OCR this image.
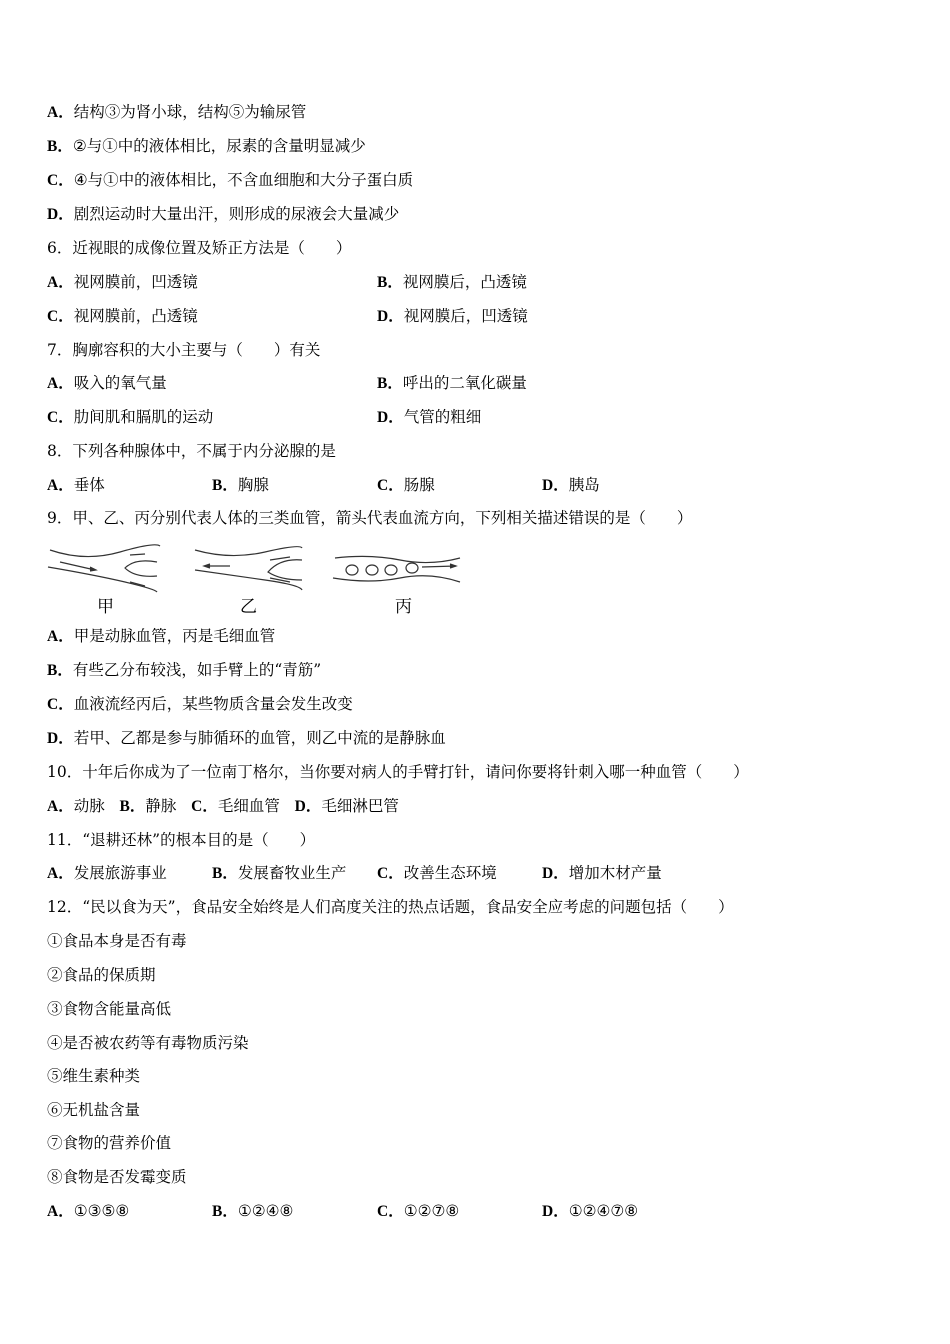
A．结构③为肾小球，结构⑤为输尿管
B．②与①中的液体相比，尿素的含量明显减少
C．④与①中的液体相比，不含血细胞和大分子蛋白质
D．剧烈运动时大量出汗，则形成的尿液会大量减少
6．近视眼的成像位置及矫正方法是（　　）
A．视网膜前，凹透镜	B．视网膜后，凸透镜
C．视网膜前，凸透镜	D．视网膜后，凹透镜
7．胸廓容积的大小主要与（　　）有关
A．吸入的氧气量	B．呼出的二氧化碳量
C．肋间肌和膈肌的运动	D．气管的粗细
8．下列各种腺体中，不属于内分泌腺的是
A．垂体	B．胸腺	C．肠腺	D．胰岛
9．甲、乙、丙分别代表人体的三类血管，箭头代表血流方向，下列相关描述错误的是（　　）
甲	乙	丙
A．甲是动脉血管，丙是毛细血管
B．有些乙分布较浅，如手臂上的“青筋”
C．血液流经丙后，某些物质含量会发生改变
D．若甲、乙都是参与肺循环的血管，则乙中流的是静脉血
10．十年后你成为了一位南丁格尔，当你要对病人的手臂打针，请问你要将针刺入哪一种血管（　　）
A．动脉 B．静脉 C．毛细血管 D．毛细淋巴管
11．“退耕还林”的根本目的是（　　）
A．发展旅游事业	B．发展畜牧业生产 C．改善生态环境	D．增加木材产量
12．“民以食为天”，食品安全始终是人们高度关注的热点话题，食品安全应考虑的问题包括（　　）
①食品本身是否有毒
②食品的保质期
③食物含能量高低
④是否被农药等有毒物质污染
⑤维生素种类
⑥无机盐含量
⑦食物的营养价值
⑧食物是否发霉变质
A．①③⑤⑧	B．①②④⑧	C．①②⑦⑧	D．①②④⑦⑧
